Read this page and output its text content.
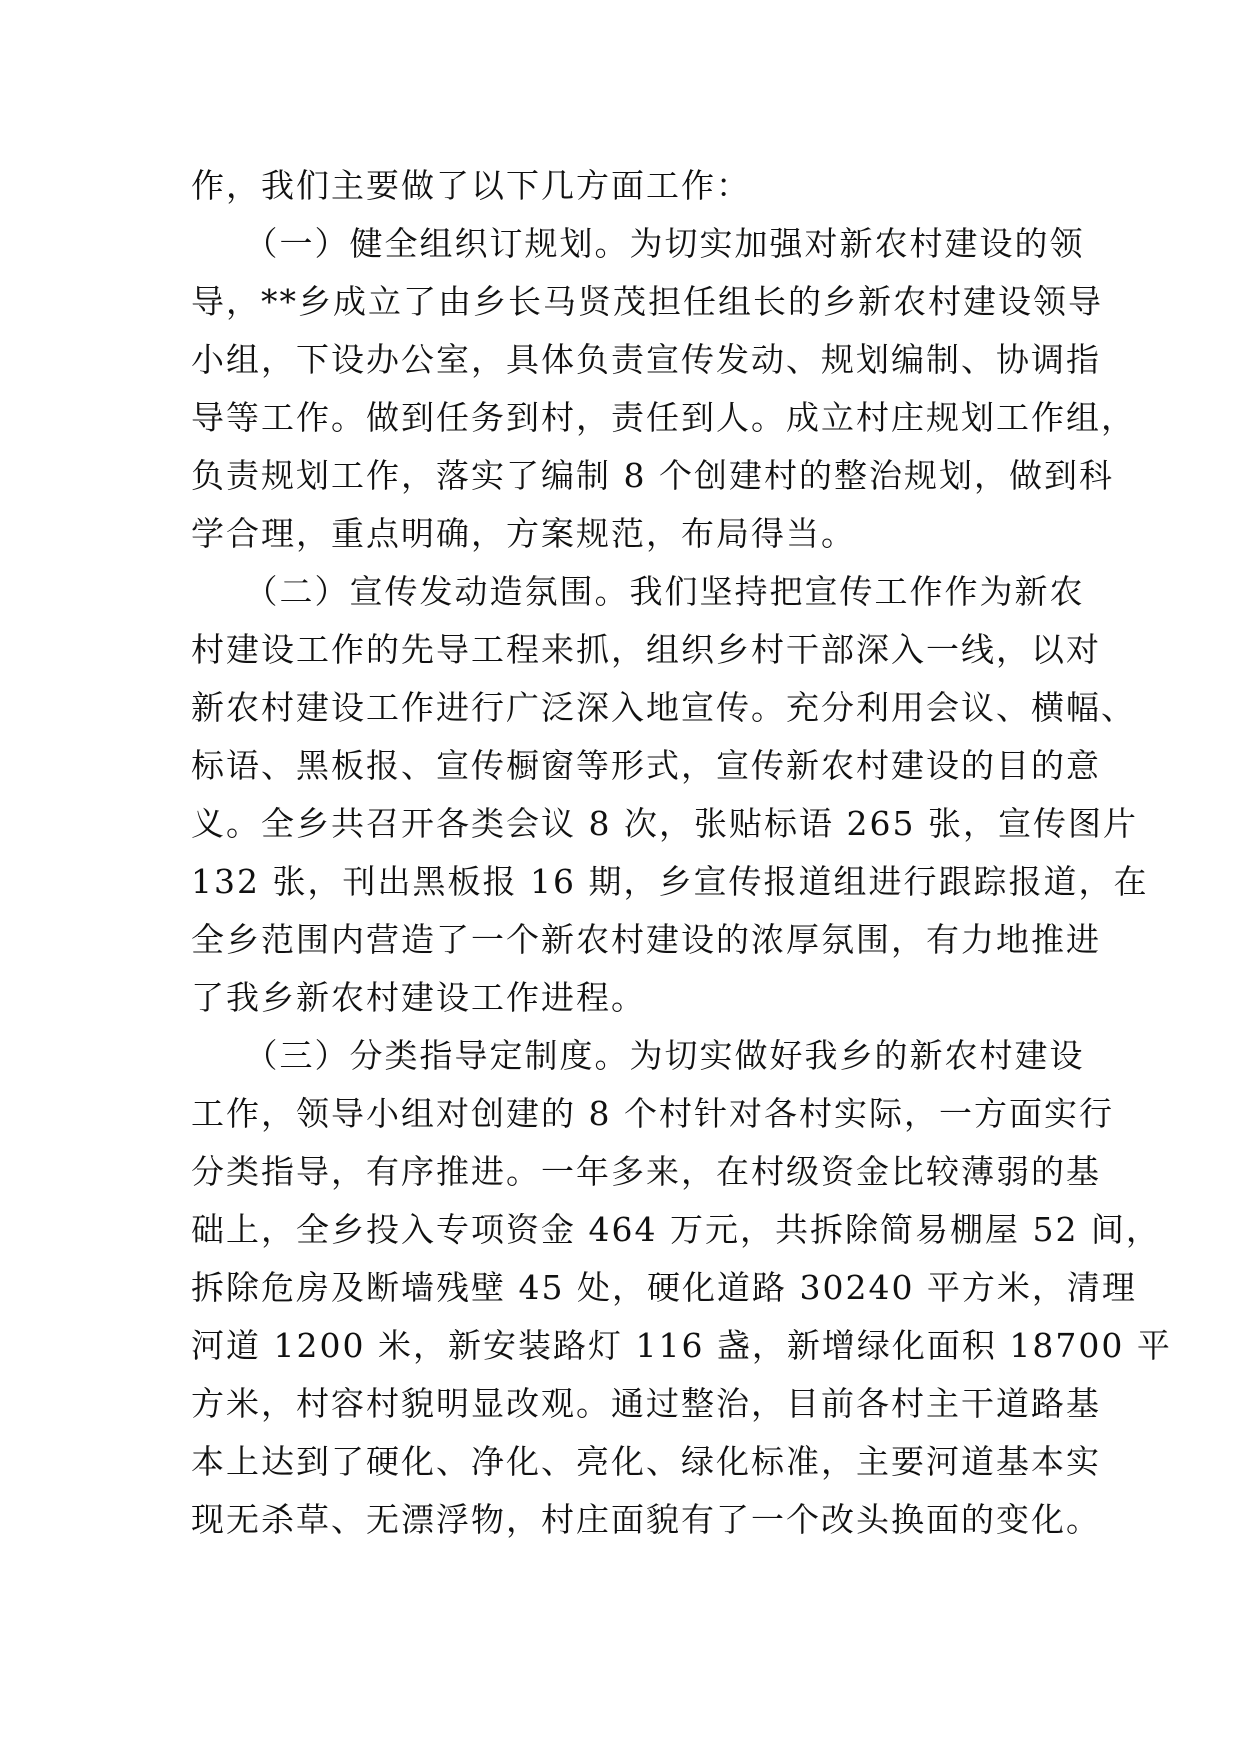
作，我们主要做了以下几方面工作：
　　（一）健全组织订规划。为切实加强对新农村建设的领
导，**乡成立了由乡长马贤茂担任组长的乡新农村建设领导
小组，下设办公室，具体负责宣传发动、规划编制、协调指
导等工作。做到任务到村，责任到人。成立村庄规划工作组，
负责规划工作，落实了编制 8 个创建村的整治规划，做到科
学合理，重点明确，方案规范，布局得当。
　　（二）宣传发动造氛围。我们坚持把宣传工作作为新农
村建设工作的先导工程来抓，组织乡村干部深入一线，以对
新农村建设工作进行广泛深入地宣传。充分利用会议、横幅、
标语、黑板报、宣传橱窗等形式，宣传新农村建设的目的意
义。全乡共召开各类会议 8 次，张贴标语 265 张，宣传图片
132 张，刊出黑板报 16 期，乡宣传报道组进行跟踪报道，在
全乡范围内营造了一个新农村建设的浓厚氛围，有力地推进
了我乡新农村建设工作进程。
　　（三）分类指导定制度。为切实做好我乡的新农村建设
工作，领导小组对创建的 8 个村针对各村实际，一方面实行
分类指导，有序推进。一年多来，在村级资金比较薄弱的基
础上，全乡投入专项资金 464 万元，共拆除简易棚屋 52 间，
拆除危房及断墙残壁 45 处，硬化道路 30240 平方米，清理
河道 1200 米，新安装路灯 116 盏，新增绿化面积 18700 平
方米，村容村貌明显改观。通过整治，目前各村主干道路基
本上达到了硬化、净化、亮化、绿化标准，主要河道基本实
现无杀草、无漂浮物，村庄面貌有了一个改头换面的变化。
